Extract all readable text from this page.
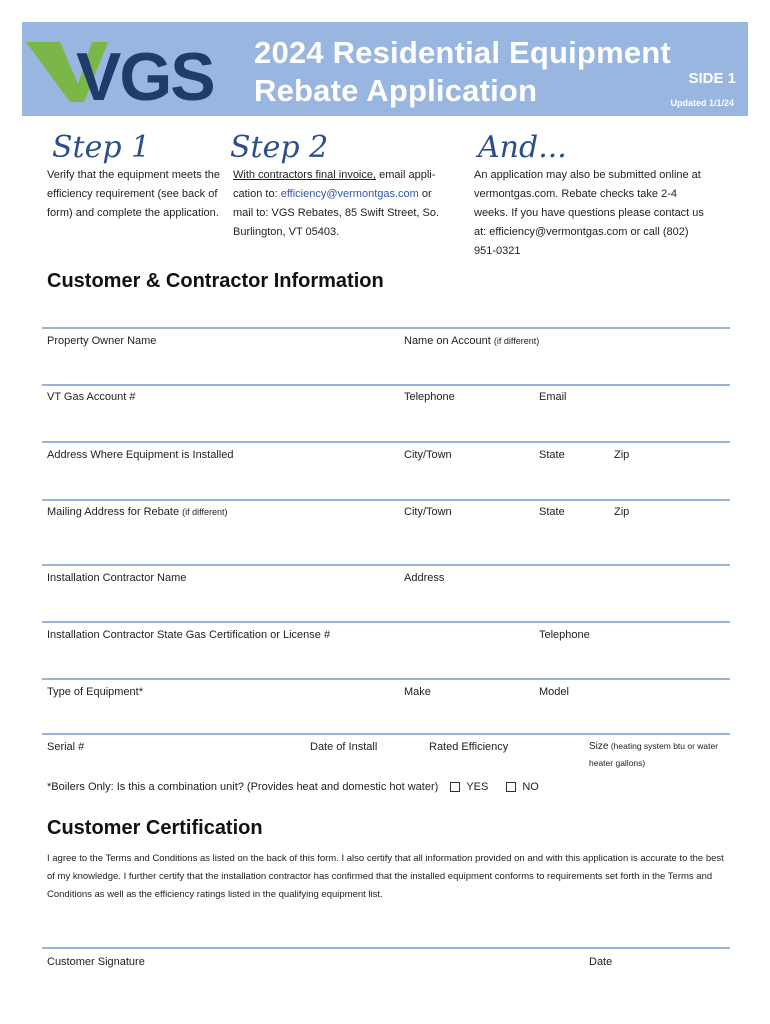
VGS 2024 Residential Equipment
Rebate Application	SIDE 1
Updated 1/1/24
Step 1
Verify that the equipment meets the efficiency requirement (see back of form) and complete the application.
Step 2
With contractors final invoice, email appli-cation to: efficiency@vermontgas.com or mail to: VGS Rebates, 85 Swift Street, So. Burlington, VT 05403.
And...
An application may also be submitted online at vermontgas.com. Rebate checks take 2-4 weeks. If you have questions please contact us at: efficiency@vermontgas.com or call (802) 951-0321
Customer & Contractor Information
Property Owner Name	Name on Account (if different)
VT Gas Account #	Telephone	Email
Address Where Equipment is Installed	City/Town	State	Zip
Mailing Address for Rebate (if different)	City/Town	State	Zip
Installation Contractor Name	Address
Installation Contractor State Gas Certification or License #	Telephone
Type of Equipment*	Make	Model
Serial #	Date of Install	Rated Efficiency	Size (heating system btu or water heater gallons)
*Boilers Only: Is this a combination unit? (Provides heat and domestic hot water)	YES	NO
Customer Certification
I agree to the Terms and Conditions as listed on the back of this form. I also certify that all information provided on and with this application is accurate to the best of my knowledge. I further certify that the installation contractor has confirmed that the installed equipment conforms to requirements set forth in the Terms and Conditions as well as the efficiency ratings listed in the qualifying equipment list.
Customer Signature	Date
